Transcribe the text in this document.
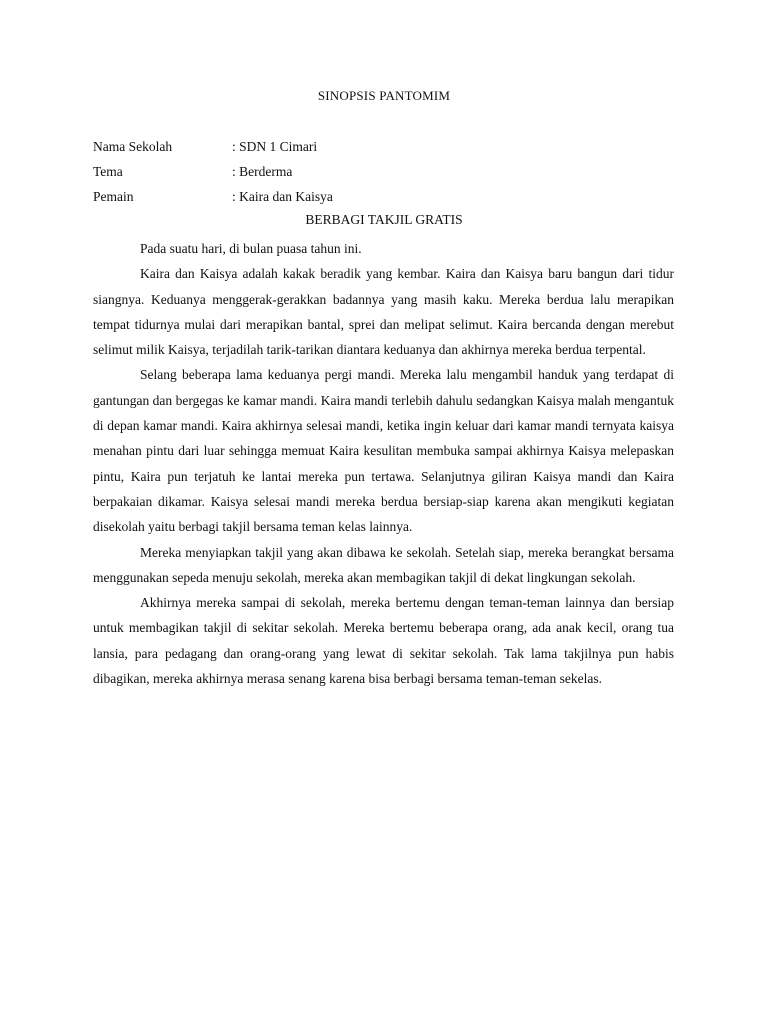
SINOPSIS PANTOMIM
Nama Sekolah	: SDN 1 Cimari
Tema	: Berderma
Pemain	: Kaira dan Kaisya
BERBAGI TAKJIL GRATIS

Pada suatu hari, di bulan puasa tahun ini.

Kaira dan Kaisya adalah kakak beradik yang kembar. Kaira dan Kaisya baru bangun dari tidur siangnya. Keduanya menggerak-gerakkan badannya yang masih kaku. Mereka berdua lalu merapikan tempat tidurnya mulai dari merapikan bantal, sprei dan melipat selimut. Kaira bercanda dengan merebut selimut milik Kaisya, terjadilah tarik-tarikan diantara keduanya dan akhirnya mereka berdua terpental.

Selang beberapa lama keduanya pergi mandi. Mereka lalu mengambil handuk yang terdapat di gantungan dan bergegas ke kamar mandi. Kaira mandi terlebih dahulu sedangkan Kaisya malah mengantuk di depan kamar mandi. Kaira akhirnya selesai mandi, ketika ingin keluar dari kamar mandi ternyata kaisya menahan pintu dari luar sehingga memuat Kaira kesulitan membuka sampai akhirnya Kaisya melepaskan pintu, Kaira pun terjatuh ke lantai mereka pun tertawa. Selanjutnya giliran Kaisya mandi dan Kaira berpakaian dikamar. Kaisya selesai mandi mereka berdua bersiap-siap karena akan mengikuti kegiatan disekolah yaitu berbagi takjil bersama teman kelas lainnya.

Mereka menyiapkan takjil yang akan dibawa ke sekolah. Setelah siap, mereka berangkat bersama menggunakan sepeda menuju sekolah, mereka akan membagikan takjil di dekat lingkungan sekolah.

Akhirnya mereka sampai di sekolah, mereka bertemu dengan teman-teman lainnya dan bersiap untuk membagikan takjil di sekitar sekolah. Mereka bertemu beberapa orang, ada anak kecil, orang tua lansia, para pedagang dan orang-orang yang lewat di sekitar sekolah. Tak lama takjilnya pun habis dibagikan, mereka akhirnya merasa senang karena bisa berbagi bersama teman-teman sekelas.
